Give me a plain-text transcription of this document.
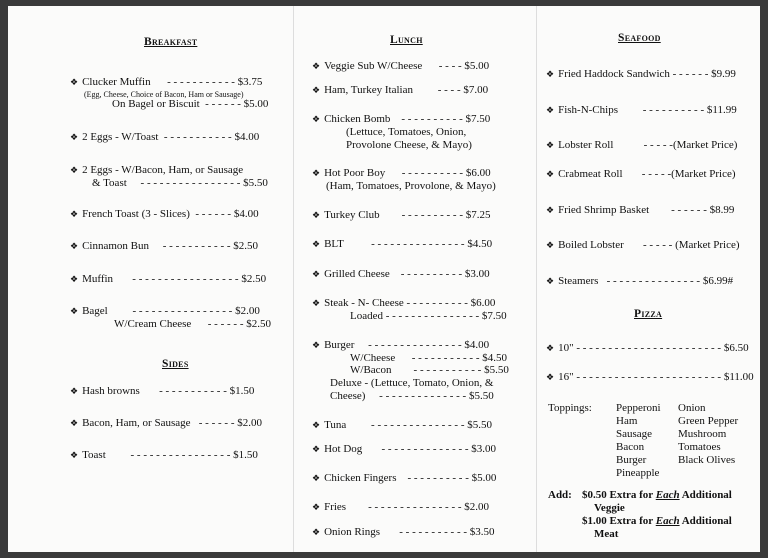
Breakfast
❖ Clucker Muffin      - - - - - - - - - - - $3.75
(Egg, Cheese, Choice of Bacon, Ham or Sausage)
On Bagel or Biscuit  - - - - - - $5.00
❖ 2 Eggs - W/Toast  - - - - - - - - - - - $4.00
❖ 2 Eggs - W/Bacon, Ham, or Sausage
& Toast     - - - - - - - - - - - - - - - - $5.50
❖ French Toast (3 - Slices)  - - - - - - $4.00
❖ Cinnamon Bun     - - - - - - - - - - - $2.50
❖ Muffin       - - - - - - - - - - - - - - - - - $2.50
❖ Bagel         - - - - - - - - - - - - - - - - $2.00
W/Cream Cheese      - - - - - - $2.50
Sides
❖ Hash browns       - - - - - - - - - - - $1.50
❖ Bacon, Ham, or Sausage   - - - - - - $2.00
❖ Toast         - - - - - - - - - - - - - - - - $1.50
Lunch
❖ Veggie Sub W/Cheese      - - - - $5.00
❖ Ham, Turkey Italian         - - - - $7.00
❖ Chicken Bomb    - - - - - - - - - - $7.50
(Lettuce, Tomatoes, Onion,
Provolone Cheese, & Mayo)
❖ Hot Poor Boy      - - - - - - - - - - $6.00
(Ham, Tomatoes, Provolone, & Mayo)
❖ Turkey Club        - - - - - - - - - - $7.25
❖ BLT          - - - - - - - - - - - - - - - $4.50
❖ Grilled Cheese    - - - - - - - - - - $3.00
❖ Steak - N- Cheese - - - - - - - - - - $6.00
Loaded - - - - - - - - - - - - - - - $7.50
❖ Burger     - - - - - - - - - - - - - - - $4.00
W/Cheese      - - - - - - - - - - - $4.50
W/Bacon        - - - - - - - - - - - $5.50
Deluxe - (Lettuce, Tomato, Onion, &
Cheese)     - - - - - - - - - - - - - - $5.50
❖ Tuna         - - - - - - - - - - - - - - - $5.50
❖ Hot Dog       - - - - - - - - - - - - - - $3.00
❖ Chicken Fingers    - - - - - - - - - - $5.00
❖ Fries        - - - - - - - - - - - - - - - $2.00
❖ Onion Rings       - - - - - - - - - - - $3.50
Seafood
❖ Fried Haddock Sandwich - - - - - - $9.99
❖ Fish-N-Chips         - - - - - - - - - - $11.99
❖ Lobster Roll           - - - - -(Market Price)
❖ Crabmeat Roll       - - - - -(Market Price)
❖ Fried Shrimp Basket        - - - - - - $8.99
❖ Boiled Lobster       - - - - - (Market Price)
❖ Steamers   - - - - - - - - - - - - - - - $6.99#
Pizza
❖ 10" - - - - - - - - - - - - - - - - - - - - - - - $6.50
❖ 16" - - - - - - - - - - - - - - - - - - - - - - - $11.00
Toppings: Pepperoni
Ham
Sausage
Bacon
Burger
Pineapple
Onion
Green Pepper
Mushroom
Tomatoes
Black Olives
Add: $0.50 Extra for Each Additional
Veggie
$1.00 Extra for Each Additional
Meat
